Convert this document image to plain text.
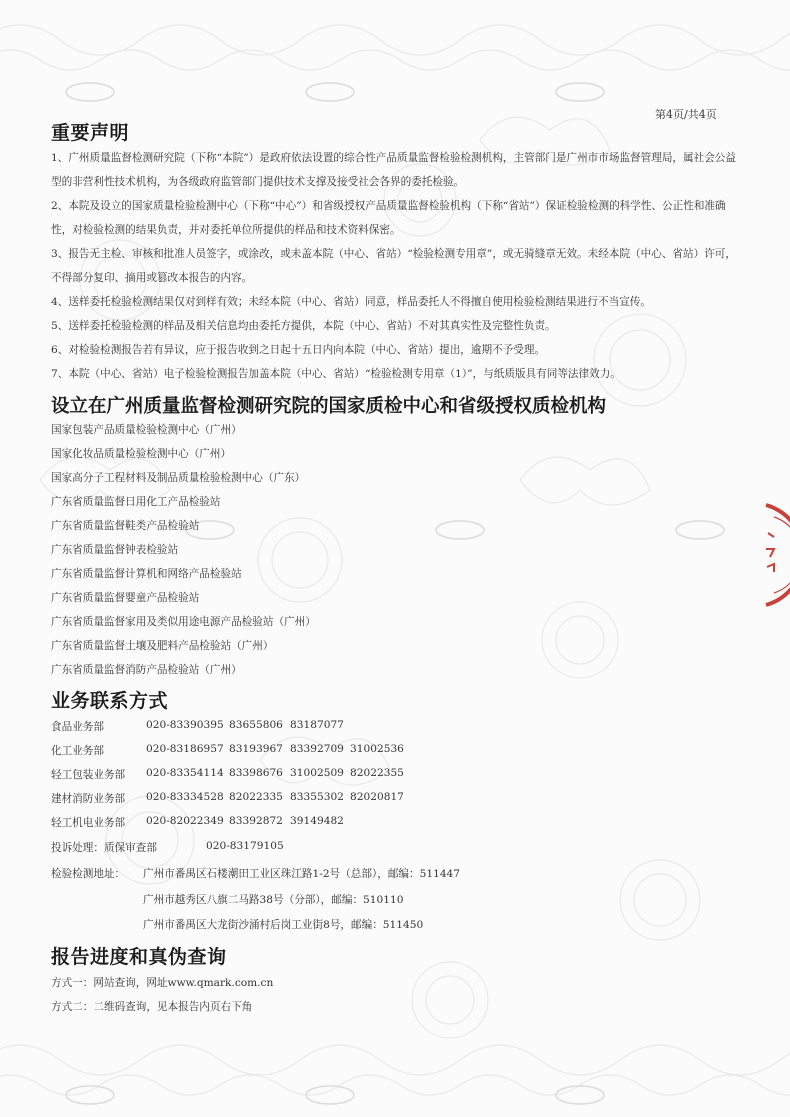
第4页/共4页
重要声明

1、广州质量监督检测研究院（下称“本院”）是政府依法设置的综合性产品质量监督检验检测机构，主管部门是广州市市场监督管理局，属社会公益型的非营利性技术机构，为各级政府监管部门提供技术支撑及接受社会各界的委托检验。

2、本院及设立的国家质量检验检测中心（下称“中心”）和省级授权产品质量监督检验机构（下称“省站”）保证检验检测的科学性、公正性和准确性，对检验检测的结果负责，并对委托单位所提供的样品和技术资料保密。

3、报告无主检、审核和批准人员签字，或涂改，或未盖本院（中心、省站）“检验检测专用章”，或无骑缝章无效。未经本院（中心、省站）许可，不得部分复印、摘用或篡改本报告的内容。

4、送样委托检验检测结果仅对到样有效；未经本院（中心、省站）同意，样品委托人不得擅自使用检验检测结果进行不当宣传。

5、送样委托检验检测的样品及相关信息均由委托方提供，本院（中心、省站）不对其真实性及完整性负责。

6、对检验检测报告若有异议，应于报告收到之日起十五日内向本院（中心、省站）提出，逾期不予受理。

7、本院（中心、省站）电子检验检测报告加盖本院（中心、省站）“检验检测专用章（1）”，与纸质版具有同等法律效力。

设立在广州质量监督检测研究院的国家质检中心和省级授权质检机构

国家包装产品质量检验检测中心（广州）

国家化妆品质量检验检测中心（广州）

国家高分子工程材料及制品质量检验检测中心（广东）

广东省质量监督日用化工产品检验站

广东省质量监督鞋类产品检验站

广东省质量监督钟表检验站

广东省质量监督计算机和网络产品检验站

广东省质量监督婴童产品检验站

广东省质量监督家用及类似用途电源产品检验站（广州）

广东省质量监督土壤及肥料产品检验站（广州）

广东省质量监督消防产品检验站（广州）

业务联系方式
食品业务部	020-83390395 83655806 83187077
化工业务部	020-83186957 83193967 83392709 31002536
轻工包装业务部 020-83354114 83398676 31002509 82022355
建材消防业务部 020-83334528 82022335 83355302 82020817
轻工机电业务部 020-82022349 83392872 39149482
投诉处理：质保审查部	020-83179105
检验检测地址： 广州市番禺区石楼潮田工业区珠江路1-2号（总部），邮编：511447
广州市越秀区八旗二马路38号（分部），邮编：510110
广州市番禺区大龙街沙涌村后岗工业街8号，邮编：511450
报告进度和真伪查询
方式一：网站查询，网址www.qmark.com.cn
方式二：二维码查询，见本报告内页右下角
